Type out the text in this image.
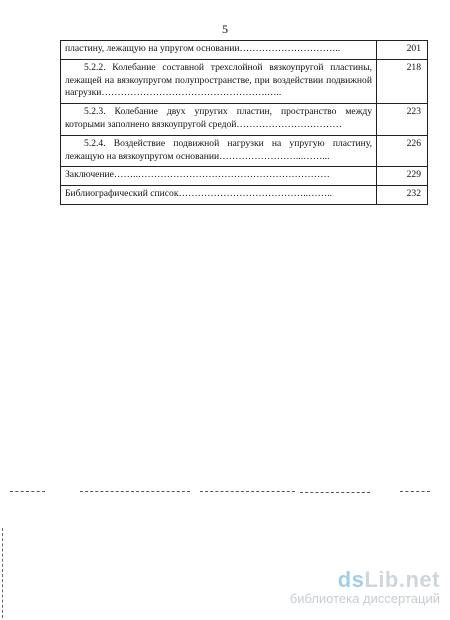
5
пластину, лежащую на упругом основании…………………………..	201

5.2.2. Колебание составной трехслойной вязкоупругой пластины, лежащей на вязкоупругом полупространстве, при воздействии подвижной нагрузки…………………………………………….…..	218

5.2.3. Колебание двух упругих пластин, пространство между которыми заполнено вязкоупругой средой……………………………	223

5.2.4. Воздействие подвижной нагрузки на упругую пластину, лежащую на вязкоупругом основании……………………...……...	226

Заключение……..……………………………………………………	229

Библиографический список…………………………………..……..	232
dsLib.net
библиотека диссертаций
